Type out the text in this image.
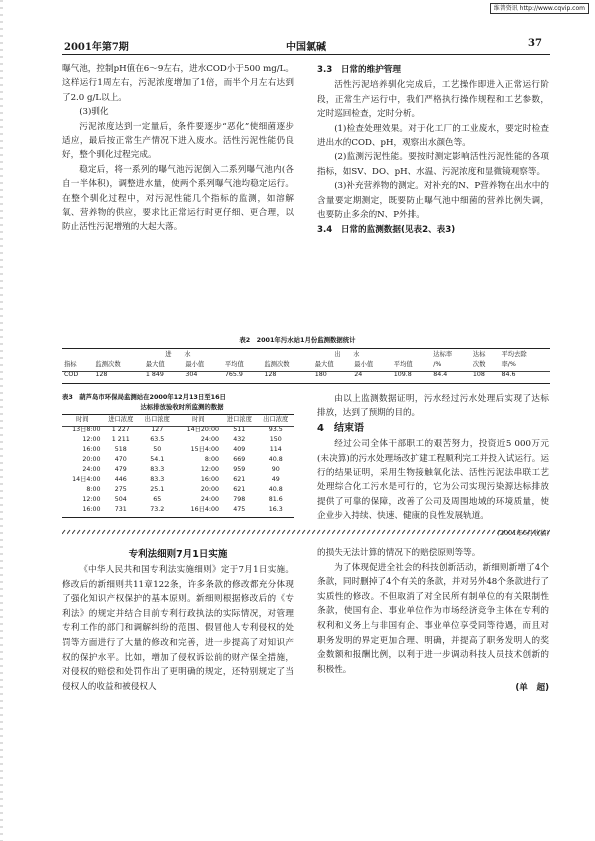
维普资讯 http://www.cqvip.com
2001年第7期	中国氯碱	37

曝气池，控制pH值在6～9左右，进水COD小于500 mg/L。这样运行1周左右，污泥浓度增加了1倍，而半个月左右达到了2.0 g/L以上。

(3)驯化

污泥浓度达到一定量后，条件要逐步“恶化”使细菌逐步适应，最后按正常生产情况下进入废水。活性污泥性能仍良好，整个驯化过程完成。

稳定后，将一系列的曝气池污泥倒入二系列曝气池内(各自一半体积)，调整进水量，使两个系列曝气池均稳定运行。在整个驯化过程中，对污泥性能几个指标的监测，如溶解氧、营养物的供应，要求比正常运行时更仔细、更合理，以防止活性污泥增殖的大起大落。

3.3　日常的维护管理

活性污泥培养驯化完成后，工艺操作即进入正常运行阶段，正常生产运行中，我们严格执行操作规程和工艺参数，定时巡回检查，定时分析。

(1)检查处理效果。对于化工厂的工业废水，要定时检查进出水的COD、pH，观察出水颜色等。

(2)监测污泥性能。要按时测定影响活性污泥性能的各项指标，如SV、DO、pH、水温、污泥浓度和显微镜观察等。

(3)补充营养物的测定。对补充的N、P营养物在出水中的含量要定期测定，既要防止曝气池中细菌的营养比例失调，也要防止多余的N、P外排。

3.4　日常的监测数据(见表2、表3)

表2　2001年污水站1月份监测数据统计
	进　　水				出　　水				达标率	达标	平均去除
指标	监测次数	最大值	最小值	平均值	监测次数	最大值	最小值	平均值	/%	次数	率/%
COD	128	1 849	304	765.9	128	180	24	109.8	84.4	108	84.6
表3　葫芦岛市环保局监测站在2000年12月13日至16日
达标排放验收时所监测的数据
时间	进口浓度	出口浓度	时间	进口浓度	出口浓度
13日8:00	1 227	127	14日20:00	511	93.5
12:00	1 211	63.5	24:00	432	150
16:00	518	50	15日4:00	409	114
20:00	470	54.1	8:00	669	40.8
24:00	479	83.3	12:00	959	90
14日4:00	446	83.3	16:00	621	49
8:00	275	25.1	20:00	621	40.8
12:00	504	65	24:00	798	81.6
16:00	731	73.2	16日4:00	475	16.3

由以上监测数据证明，污水经过污水处理后实现了达标排放，达到了预期的目的。

4　结束语

经过公司全体干部职工的艰苦努力，投资近5 000万元(未决算)的污水处理场改扩建工程顺利完工并投入试运行。运行的结果证明，采用生物接触氧化法、活性污泥法串联工艺处理综合化工污水是可行的，它为公司实现污染源达标排放提供了可靠的保障，改善了公司及周围地域的环境质量，使企业步入持续、快速、健康的良性发展轨道。

专利法细则7月1日实施

《中华人民共和国专利法实施细则》定于7月1日实施。修改后的新细则共11章122条，许多条款的修改都充分体现了强化知识产权保护的基本原则。新细则根据修改后的《专利法》的规定并结合目前专利行政执法的实际情况，对管理专利工作的部门和调解纠纷的范围、假冒他人专利侵权的处罚等方面进行了大量的修改和完善，进一步提高了对知识产权的保护水平。比如，增加了侵权诉讼前的财产保全措施，对侵权的赔偿和处罚作出了更明确的规定，还特别规定了当侵权人的收益和被侵权人

的损失无法计算的情况下的赔偿原则等等。

为了体现促进全社会的科技创新活动，新细则新增了4个条款，同时删掉了4个有关的条款，并对另外48个条款进行了实质性的修改。不但取消了对全民所有制单位的有关限制性条款，使国有企、事业单位作为市场经济竞争主体在专利的权利和义务上与非国有企、事业单位享受同等待遇，而且对职务发明的界定更加合理、明确，并提高了职务发明人的奖金数额和报酬比例，以利于进一步调动科技人员技术创新的积极性。

(单　超)
